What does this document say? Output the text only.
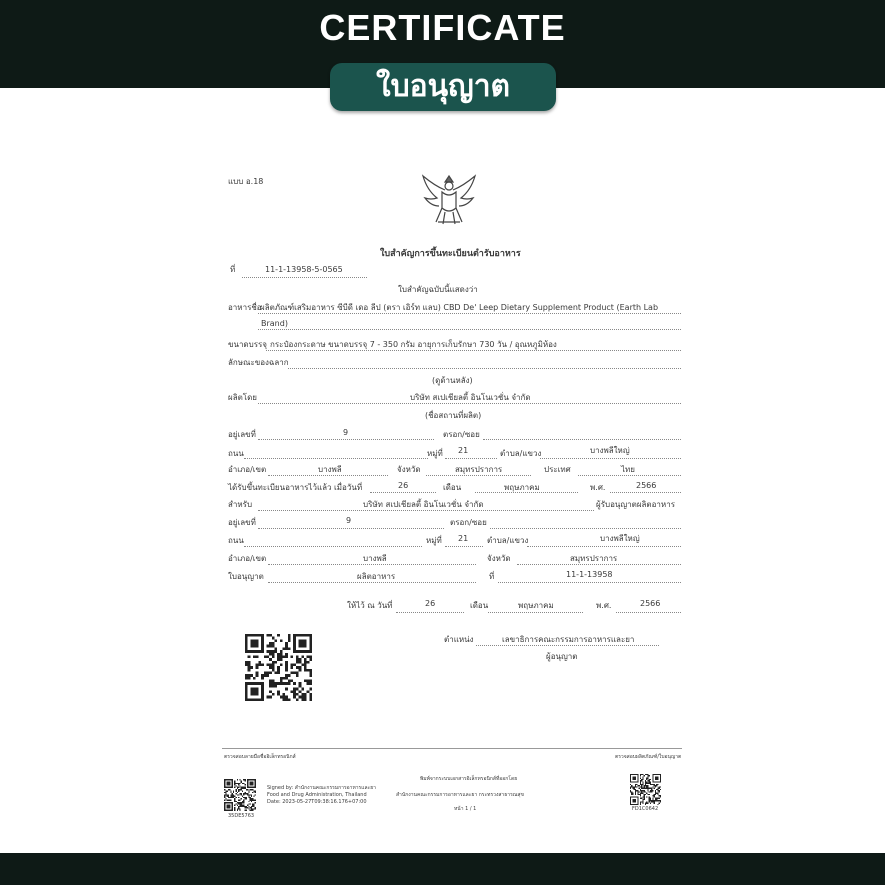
CERTIFICATE
ใบอนุญาต
แบบ อ.18
ใบสำคัญการขึ้นทะเบียนตำรับอาหาร
ที่	11-1-13958-5-0565
ใบสำคัญฉบับนี้แสดงว่า
อาหารชื่อ
ผลิตภัณฑ์เสริมอาหาร ซีบีดี เดอ ลีป (ตรา เอิร์ท แลบ) CBD De' Leep Dietary Supplement Product (Earth Lab
Brand)
ขนาดบรรจุ กระป๋องกระดาษ ขนาดบรรจุ 7 - 350 กรัม อายุการเก็บรักษา 730 วัน / อุณหภูมิห้อง
ลักษณะของฉลาก
(ดูด้านหลัง)
ผลิตโดย	บริษัท สเปเชียลตี้ อินโนเวชั่น จำกัด
(ชื่อสถานที่ผลิต)
อยู่เลขที่	9	ตรอก/ซอย
ถนน	หมู่ที่ 21	ตำบล/แขวง	บางพลีใหญ่
อำเภอ/เขต	บางพลี	จังหวัด	สมุทรปราการ	ประเทศ	ไทย
ได้รับขึ้นทะเบียนอาหารไว้แล้ว เมื่อวันที่	26	เดือน	พฤษภาคม	พ.ศ.	2566
สำหรับ	บริษัท สเปเชียลตี้ อินโนเวชั่น จำกัด	ผู้รับอนุญาตผลิตอาหาร
อยู่เลขที่	9	ตรอก/ซอย
ถนน	หมู่ที่ 21 ตำบล/แขวง	บางพลีใหญ่
อำเภอ/เขต	บางพลี	จังหวัด	สมุทรปราการ
ใบอนุญาต	ผลิตอาหาร	ที่	11-1-13958
ให้ไว้ ณ วันที่	26	เดือน	พฤษภาคม	พ.ศ.	2566
ตำแหน่ง	เลขาธิการคณะกรรมการอาหารและยา
ผู้อนุญาต
ตรวจสอบลายมือชื่ออิเล็กทรอนิกส์	ตรวจสอบผลิตภัณฑ์/ใบอนุญาต
35DE5763
Signed by: สำนักงานคณะกรรมการอาหารและยา
Food and Drug Administration, Thailand
Date: 2023-05-27T09:38:16.176+07:00
พิมพ์จากระบบเอกสารอิเล็กทรอนิกส์ที่ออกโดย
สำนักงานคณะกรรมการอาหารและยา กระทรวงสาธารณสุข
หน้า 1 / 1	FD1C0642
